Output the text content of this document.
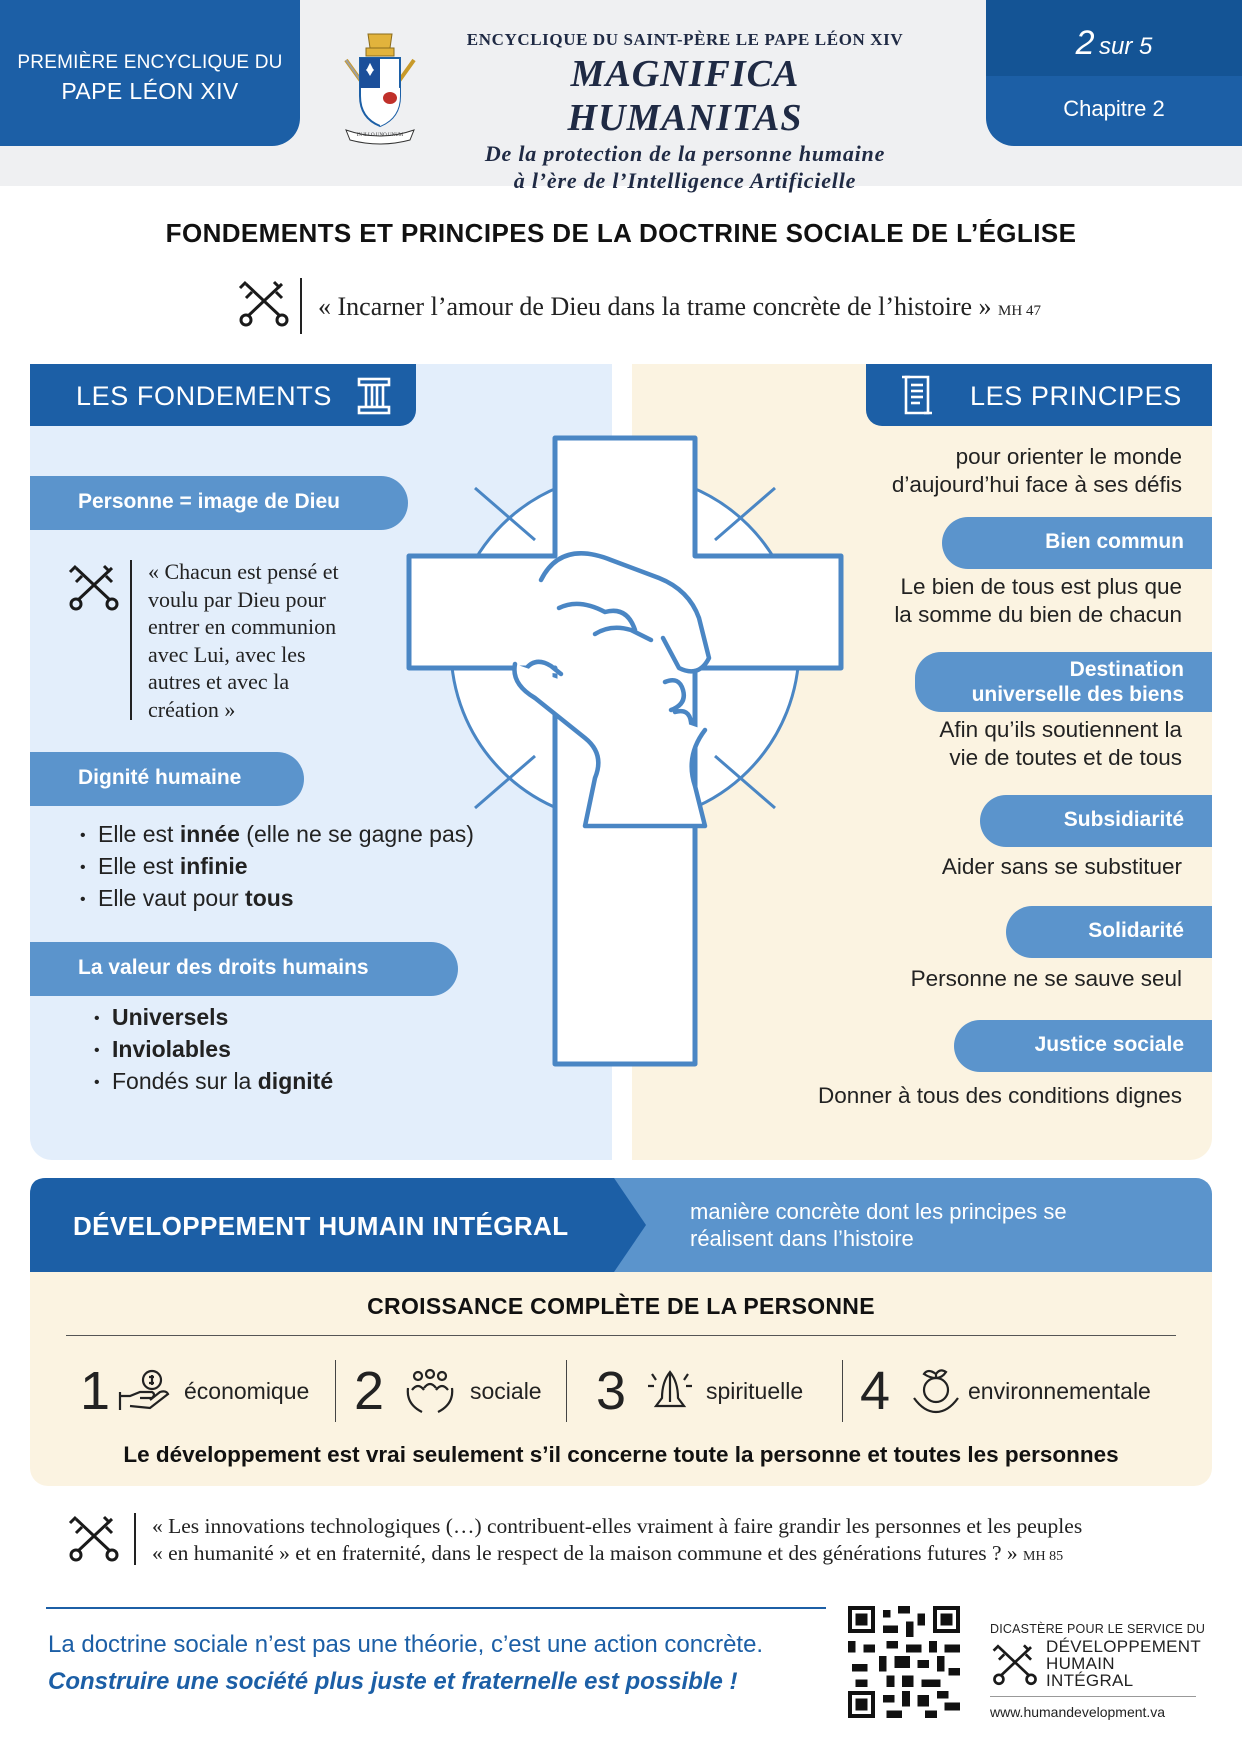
PREMIÈRE ENCYCLIQUE DU
PAPE LÉON XIV
IN ILLO UNO UNUM
ENCYCLIQUE DU SAINT-PÈRE LE PAPE LÉON XIV
MAGNIFICA HUMANITAS
De la protection de la personne humaine
à l’ère de l’Intelligence Artificielle
2 sur 5
Chapitre 2
FONDEMENTS ET PRINCIPES DE LA DOCTRINE SOCIALE DE L’ÉGLISE
« Incarner l’amour de Dieu dans la trame concrète de l’histoire » MH 47
LES FONDEMENTS	LES PRINCIPES
Personne = image de Dieu
« Chacun est pensé et
voulu par Dieu pour
entrer en communion
avec Lui, avec les
autres et avec la
création »
Dignité humaine
• Elle est innée (elle ne se gagne pas)
• Elle est infinie
• Elle vaut pour tous
La valeur des droits humains
• Universels
• Inviolables
• Fondés sur la dignité
pour orienter le monde
d’aujourd’hui face à ses défis
Bien commun
Le bien de tous est plus que
la somme du bien de chacun
Destination
universelle des biens
Afin qu’ils soutiennent la
vie de toutes et de tous
Subsidiarité
Aider sans se substituer
Solidarité
Personne ne se sauve seul
Justice sociale
Donner à tous des conditions dignes
DÉVELOPPEMENT HUMAIN INTÉGRAL	manière concrète dont les principes se
réalisent dans l’histoire
CROISSANCE COMPLÈTE DE LA PERSONNE
1	économique 2	sociale 3	spirituelle 4	environnementale
Le développement est vrai seulement s’il concerne toute la personne et toutes les personnes
« Les innovations technologiques (…) contribuent-elles vraiment à faire grandir les personnes et les peuples
« en humanité » et en fraternité, dans le respect de la maison commune et des générations futures ? » MH 85
La doctrine sociale n’est pas une théorie, c’est une action concrète.
Construire une société plus juste et fraternelle est possible !
DICASTÈRE POUR LE SERVICE DU
DÉVELOPPEMENT
HUMAIN
INTÉGRAL
www.humandevelopment.va
